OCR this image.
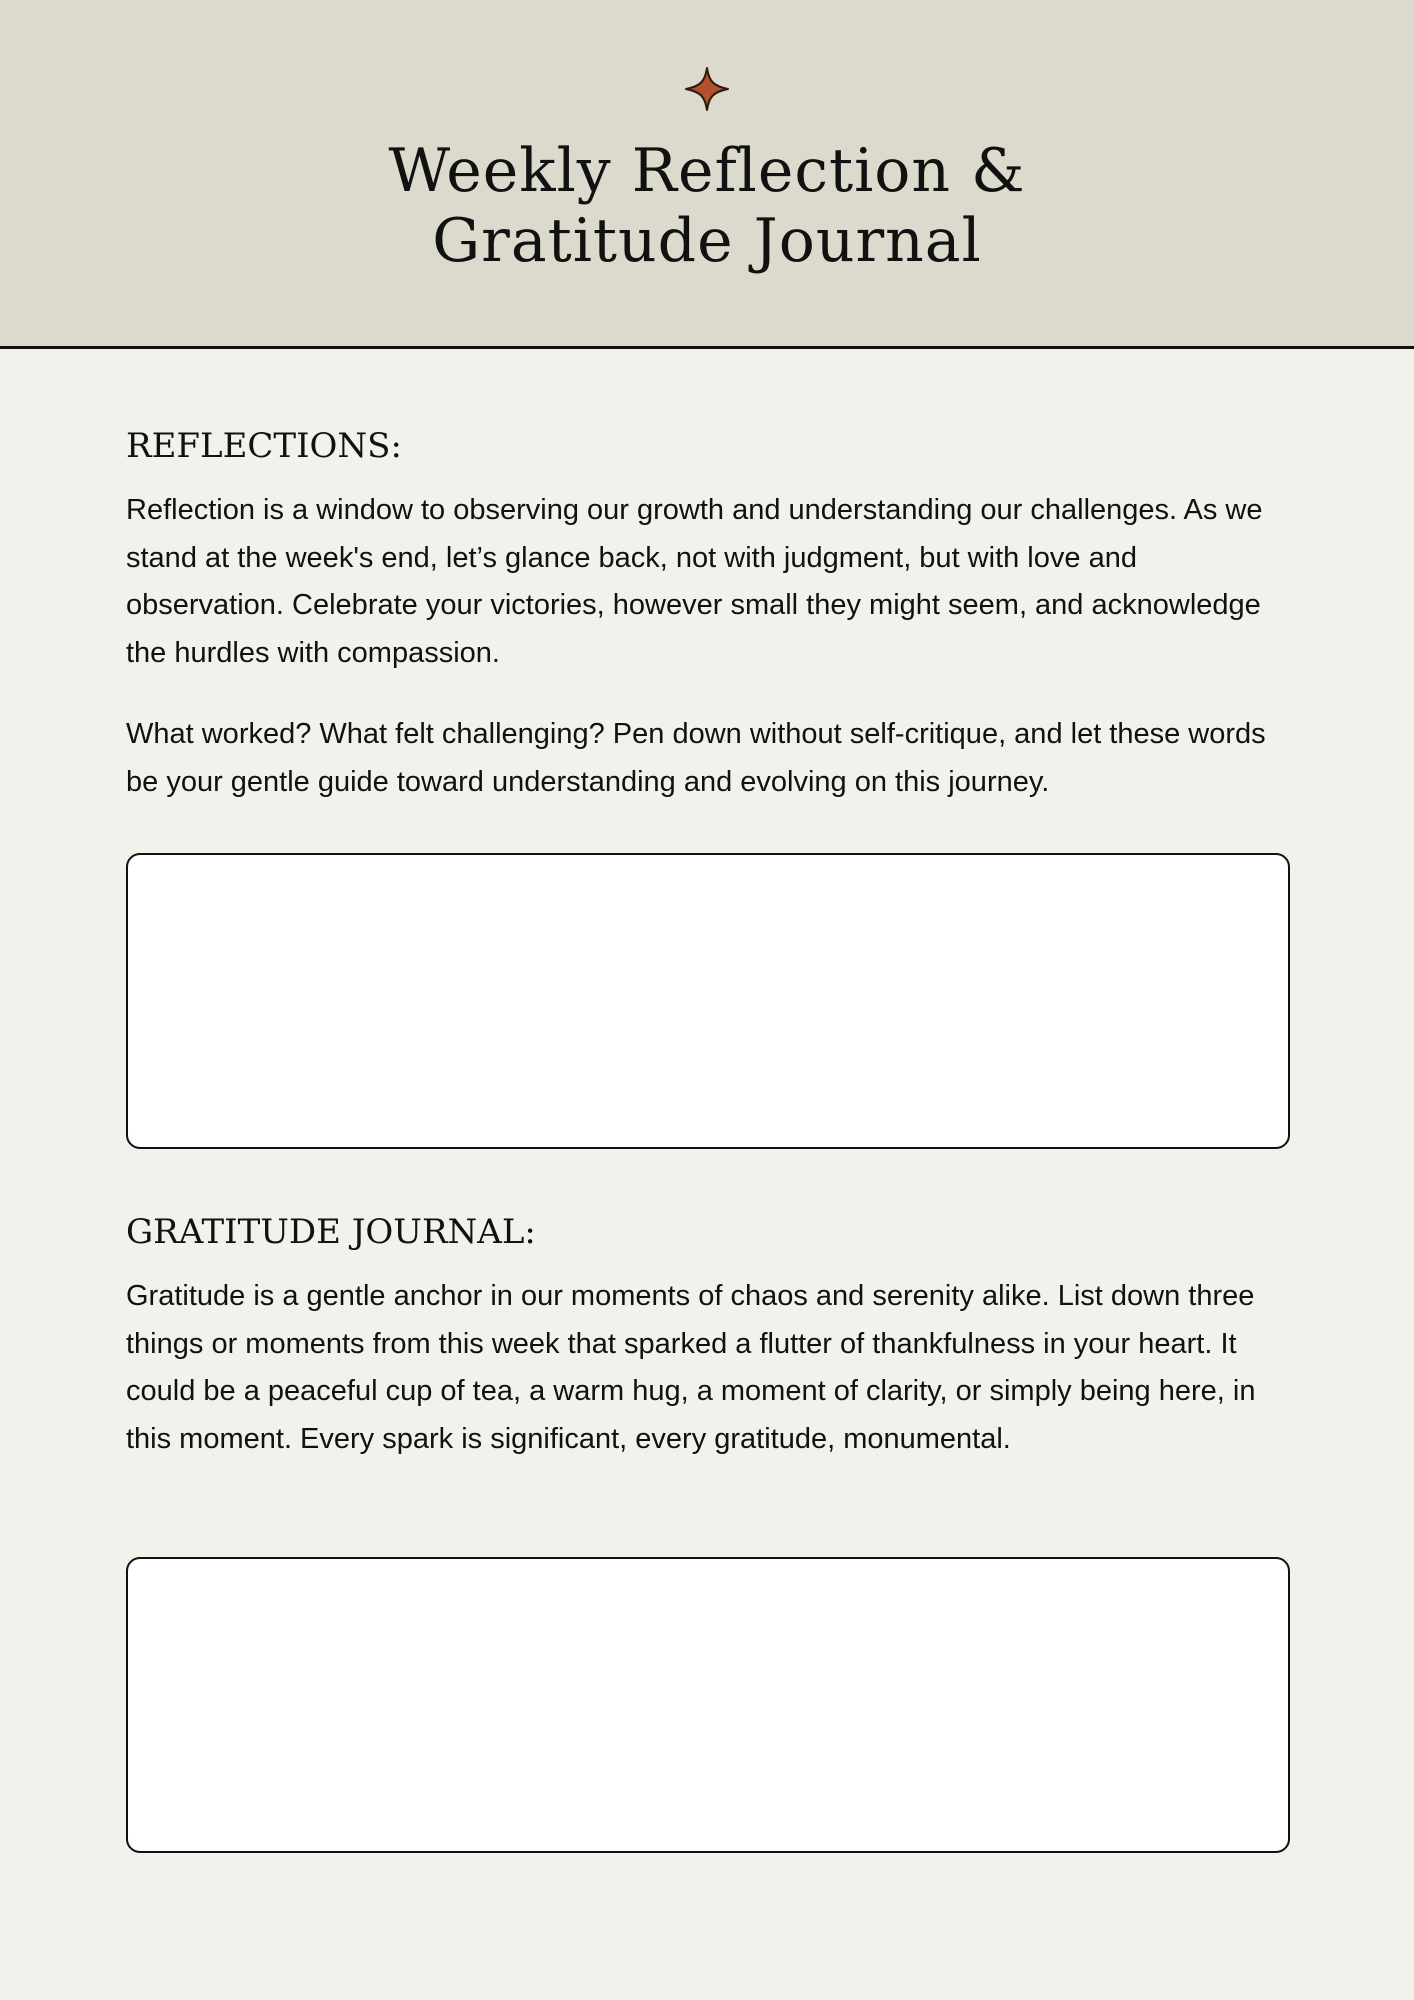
Weekly Reflection &
Gratitude Journal
REFLECTIONS:

Reflection is a window to observing our growth and understanding our challenges. As we stand at the week's end, let’s glance back, not with judgment, but with love and observation. Celebrate your victories, however small they might seem, and acknowledge the hurdles with compassion.

What worked? What felt challenging? Pen down without self-critique, and let these words be your gentle guide toward understanding and evolving on this journey.

GRATITUDE JOURNAL:

Gratitude is a gentle anchor in our moments of chaos and serenity alike. List down three things or moments from this week that sparked a flutter of thankfulness in your heart. It could be a peaceful cup of tea, a warm hug, a moment of clarity, or simply being here, in this moment. Every spark is significant, every gratitude, monumental.
